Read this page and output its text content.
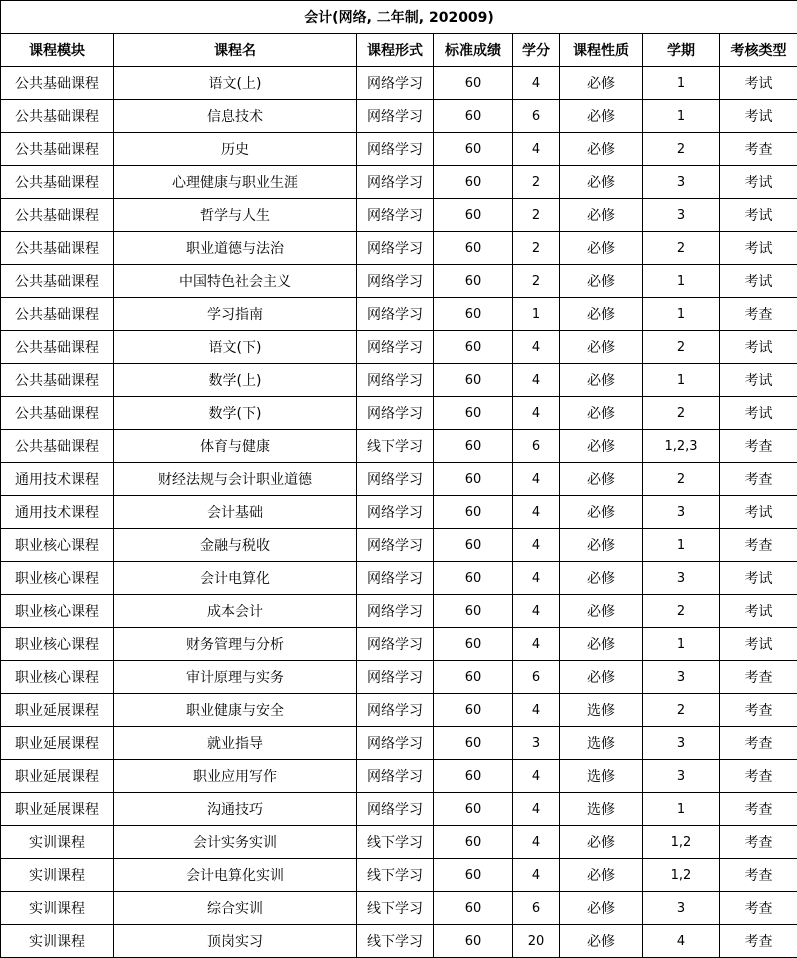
会计(网络, 二年制, 202009)							
课程模块	课程名	课程形式	标准成绩	学分	课程性质	学期	考核类型
公共基础课程	语文(上)	网络学习	60	4	必修	1	考试
公共基础课程	信息技术	网络学习	60	6	必修	1	考试
公共基础课程	历史	网络学习	60	4	必修	2	考查
公共基础课程	心理健康与职业生涯	网络学习	60	2	必修	3	考试
公共基础课程	哲学与人生	网络学习	60	2	必修	3	考试
公共基础课程	职业道德与法治	网络学习	60	2	必修	2	考试
公共基础课程	中国特色社会主义	网络学习	60	2	必修	1	考试
公共基础课程	学习指南	网络学习	60	1	必修	1	考查
公共基础课程	语文(下)	网络学习	60	4	必修	2	考试
公共基础课程	数学(上)	网络学习	60	4	必修	1	考试
公共基础课程	数学(下)	网络学习	60	4	必修	2	考试
公共基础课程	体育与健康	线下学习	60	6	必修	1,2,3	考查
通用技术课程	财经法规与会计职业道德	网络学习	60	4	必修	2	考查
通用技术课程	会计基础	网络学习	60	4	必修	3	考试
职业核心课程	金融与税收	网络学习	60	4	必修	1	考查
职业核心课程	会计电算化	网络学习	60	4	必修	3	考试
职业核心课程	成本会计	网络学习	60	4	必修	2	考试
职业核心课程	财务管理与分析	网络学习	60	4	必修	1	考试
职业核心课程	审计原理与实务	网络学习	60	6	必修	3	考查
职业延展课程	职业健康与安全	网络学习	60	4	选修	2	考查
职业延展课程	就业指导	网络学习	60	3	选修	3	考查
职业延展课程	职业应用写作	网络学习	60	4	选修	3	考查
职业延展课程	沟通技巧	网络学习	60	4	选修	1	考查
实训课程	会计实务实训	线下学习	60	4	必修	1,2	考查
实训课程	会计电算化实训	线下学习	60	4	必修	1,2	考查
实训课程	综合实训	线下学习	60	6	必修	3	考查
实训课程	顶岗实习	线下学习	60	20	必修	4	考查
